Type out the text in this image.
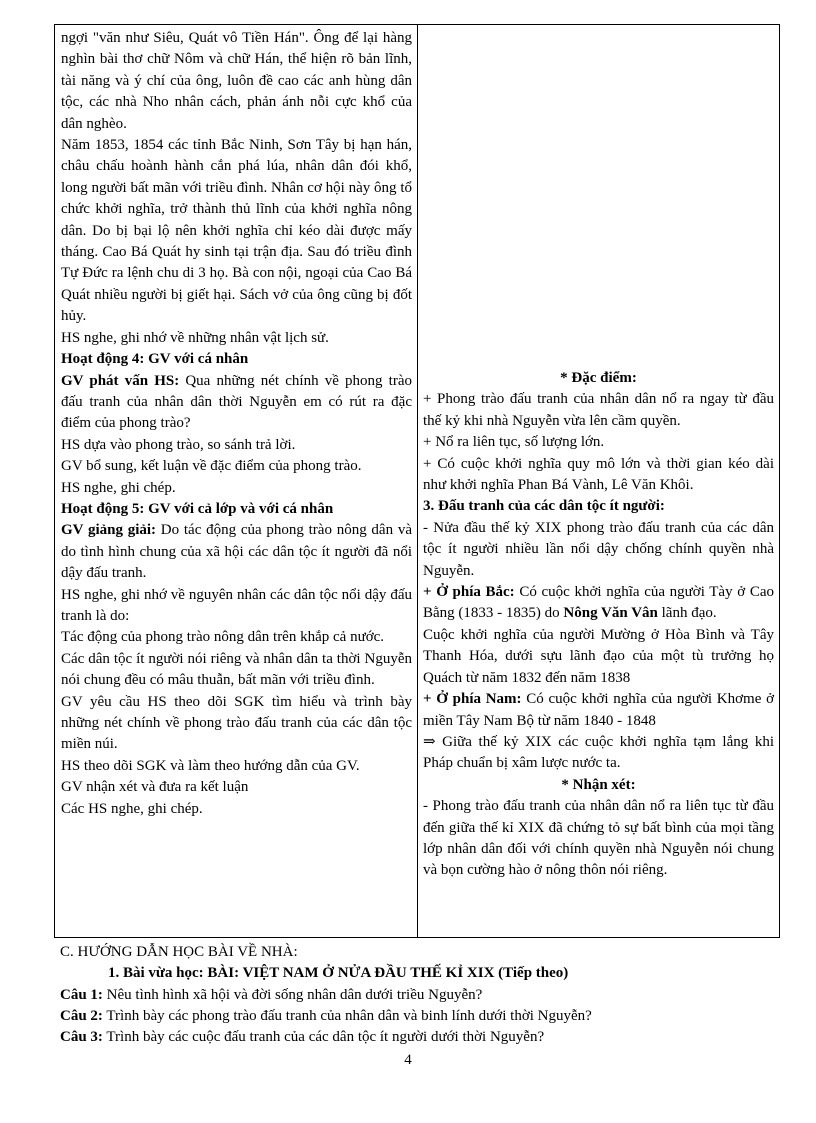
ngợi "văn như Siêu, Quát vô Tiền Hán". Ông để lại hàng nghìn bài thơ chữ Nôm và chữ Hán, thể hiện rõ bản lĩnh, tài năng và ý chí của ông, luôn đề cao các anh hùng dân tộc, các nhà Nho nhân cách, phản ánh nỗi cực khổ của dân nghèo.

Năm 1853, 1854 các tỉnh Bắc Ninh, Sơn Tây bị hạn hán, châu chấu hoành hành cắn phá lúa, nhân dân đói khổ, long người bất mãn với triều đình. Nhân cơ hội này ông tổ chức khởi nghĩa, trở thành thủ lĩnh của khởi nghĩa nông dân. Do bị bại lộ nên khởi nghĩa chỉ kéo dài được mấy tháng. Cao Bá Quát hy sinh tại trận địa. Sau đó triều đình Tự Đức ra lệnh chu di 3 họ. Bà con nội, ngoại của Cao Bá Quát nhiều người bị giết hại. Sách vở của ông cũng bị đốt hủy.

HS nghe, ghi nhớ về những nhân vật lịch sử.

Hoạt động 4: GV với cá nhân

GV phát vấn HS: Qua những nét chính về phong trào đấu tranh của nhân dân thời Nguyễn em có rút ra đặc điểm của phong trào?

HS dựa vào phong trào, so sánh trả lời.

GV bổ sung, kết luận về đặc điểm của phong trào.

HS nghe, ghi chép.

Hoạt động 5: GV với cả lớp và với cá nhân

GV giảng giải: Do tác động của phong trào nông dân và do tình hình chung của xã hội các dân tộc ít người đã nổi dậy đấu tranh.

HS nghe, ghi nhớ về nguyên nhân các dân tộc nổi dậy đấu tranh là do:

Tác động của phong trào nông dân trên khắp cả nước.

Các dân tộc ít người nói riêng và nhân dân ta thời Nguyễn nói chung đều có mâu thuẫn, bất mãn với triều đình.

GV yêu cầu HS theo dõi SGK tìm hiểu và trình bày những nét chính về phong trào đấu tranh của các dân tộc miền núi.

HS theo dõi SGK và làm theo hướng dẫn của GV.

GV nhận xét và đưa ra kết luận

Các HS nghe, ghi chép.

* Đặc điểm:

+ Phong trào đấu tranh của nhân dân nổ ra ngay từ đầu thế kỷ khi nhà Nguyễn vừa lên cầm quyền.

+ Nổ ra liên tục, số lượng lớn.

+ Có cuộc khởi nghĩa quy mô lớn và thời gian kéo dài như khởi nghĩa Phan Bá Vành, Lê Văn Khôi.

3. Đấu tranh của các dân tộc ít người:

- Nửa đầu thế kỷ XIX phong trào đấu tranh của các dân tộc ít người nhiều lần nổi dậy chống chính quyền nhà Nguyễn.

+ Ở phía Bắc: Có cuộc khởi nghĩa của người Tày ở Cao Bằng (1833 - 1835) do Nông Văn Vân lãnh đạo.

Cuộc khởi nghĩa của người Mường ở Hòa Bình và Tây Thanh Hóa, dưới sựu lãnh đạo của một tù trưởng họ Quách từ năm 1832 đến năm 1838

+ Ở phía Nam: Có cuộc khởi nghĩa của người Khơme ở miền Tây Nam Bộ từ năm 1840 - 1848

⇒ Giữa thế kỷ XIX các cuộc khởi nghĩa tạm lắng khi Pháp chuẩn bị xâm lược nước ta.

* Nhận xét:

- Phong trào đấu tranh của nhân dân nổ ra liên tục từ đầu đến giữa thế kỉ XIX đã chứng tỏ sự bất bình của mọi tầng lớp nhân dân đối với chính quyền nhà Nguyễn nói chung và bọn cường hào ở nông thôn nói riêng.

C. HƯỚNG DẪN HỌC BÀI VỀ NHÀ:

1. Bài vừa học: BÀI: VIỆT NAM Ở NỬA ĐẦU THẾ KỈ XIX (Tiếp theo)

Câu 1: Nêu tình hình xã hội và đời sống nhân dân dưới triều Nguyễn?

Câu 2: Trình bày các phong trào đấu tranh của nhân dân và binh lính dưới thời Nguyễn?

Câu 3: Trình bày các cuộc đấu tranh của các dân tộc ít người dưới thời Nguyễn?

4
